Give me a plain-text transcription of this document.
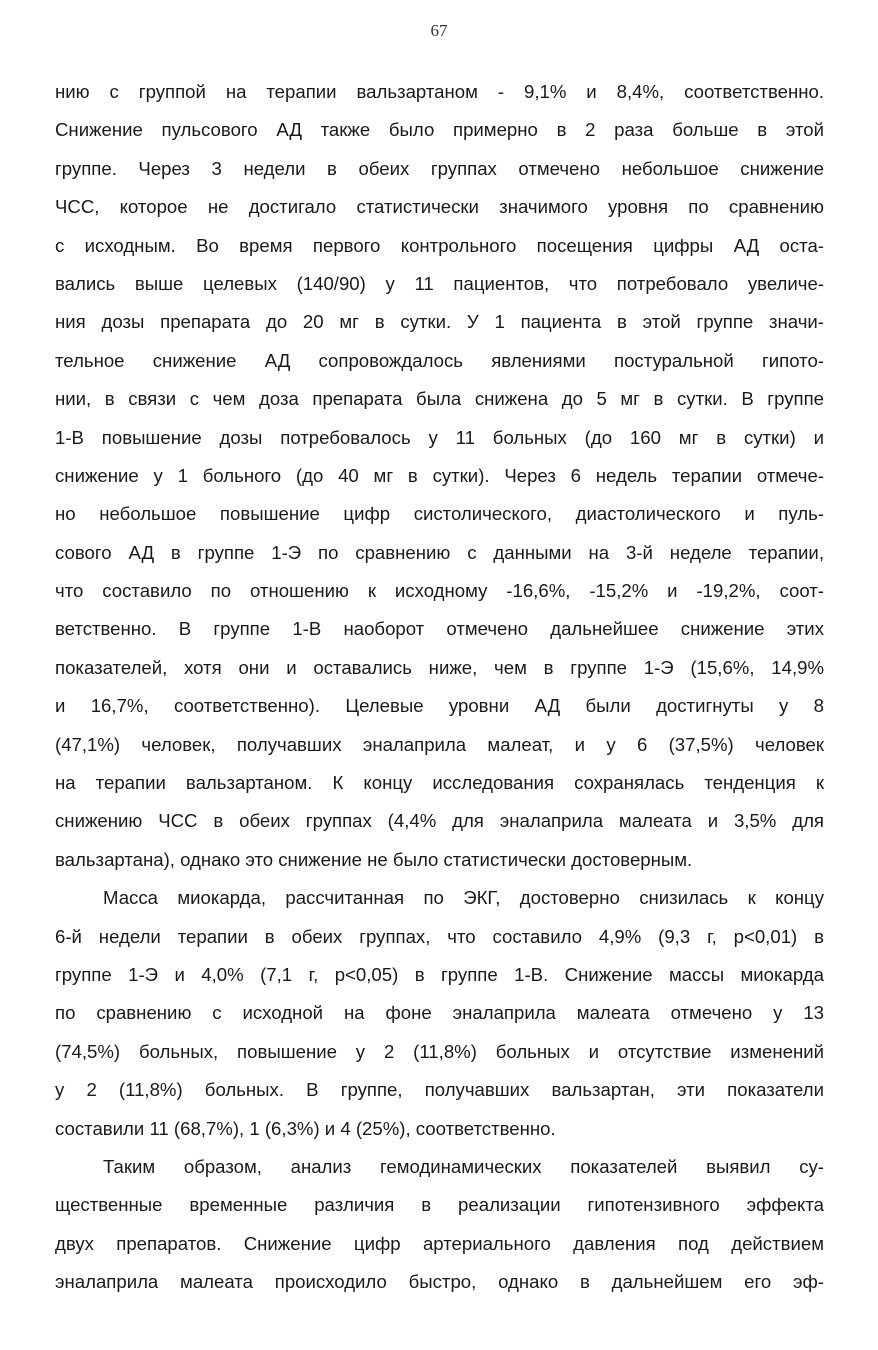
67
нию с группой на терапии вальзартаном - 9,1% и 8,4%, соответственно.
Снижение пульсового АД также было примерно в 2 раза больше в этой
группе. Через 3 недели в обеих группах отмечено небольшое снижение
ЧСС, которое не достигало статистически значимого уровня по сравнению
с исходным. Во время первого контрольного посещения цифры АД оста-
вались выше целевых (140/90) у 11 пациентов, что потребовало увеличе-
ния дозы препарата до 20 мг в сутки. У 1 пациента в этой группе значи-
тельное снижение АД сопровождалось явлениями постуральной гипото-
нии, в связи с чем доза препарата была снижена до 5 мг в сутки. В группе
1-В повышение дозы потребовалось у 11 больных (до 160 мг в сутки) и
снижение у 1 больного (до 40 мг в сутки). Через 6 недель терапии отмече-
но небольшое повышение цифр систолического, диастолического и пуль-
сового АД в группе 1-Э по сравнению с данными на 3-й неделе терапии,
что составило по отношению к исходному -16,6%, -15,2% и -19,2%, соот-
ветственно. В группе 1-В наоборот отмечено дальнейшее снижение этих
показателей, хотя они и оставались ниже, чем в группе 1-Э (15,6%, 14,9%
и 16,7%, соответственно). Целевые уровни АД были достигнуты у 8
(47,1%) человек, получавших эналаприла малеат, и у 6 (37,5%) человек
на терапии вальзартаном. К концу исследования сохранялась тенденция к
снижению ЧСС в обеих группах (4,4% для эналаприла малеата и 3,5% для
вальзартана), однако это снижение не было статистически достоверным.
Масса миокарда, рассчитанная по ЭКГ, достоверно снизилась к концу
6-й недели терапии в обеих группах, что составило 4,9% (9,3 г, р<0,01) в
группе 1-Э и 4,0% (7,1 г, р<0,05) в группе 1-В. Снижение массы миокарда
по сравнению с исходной на фоне эналаприла малеата отмечено у 13
(74,5%) больных, повышение у 2 (11,8%) больных и отсутствие изменений
у 2 (11,8%) больных. В группе, получавших вальзартан, эти показатели
составили 11 (68,7%), 1 (6,3%) и 4 (25%), соответственно.
Таким образом, анализ гемодинамических показателей выявил су-
щественные временные различия в реализации гипотензивного эффекта
двух препаратов. Снижение цифр артериального давления под действием
эналаприла малеата происходило быстро, однако в дальнейшем его эф-
